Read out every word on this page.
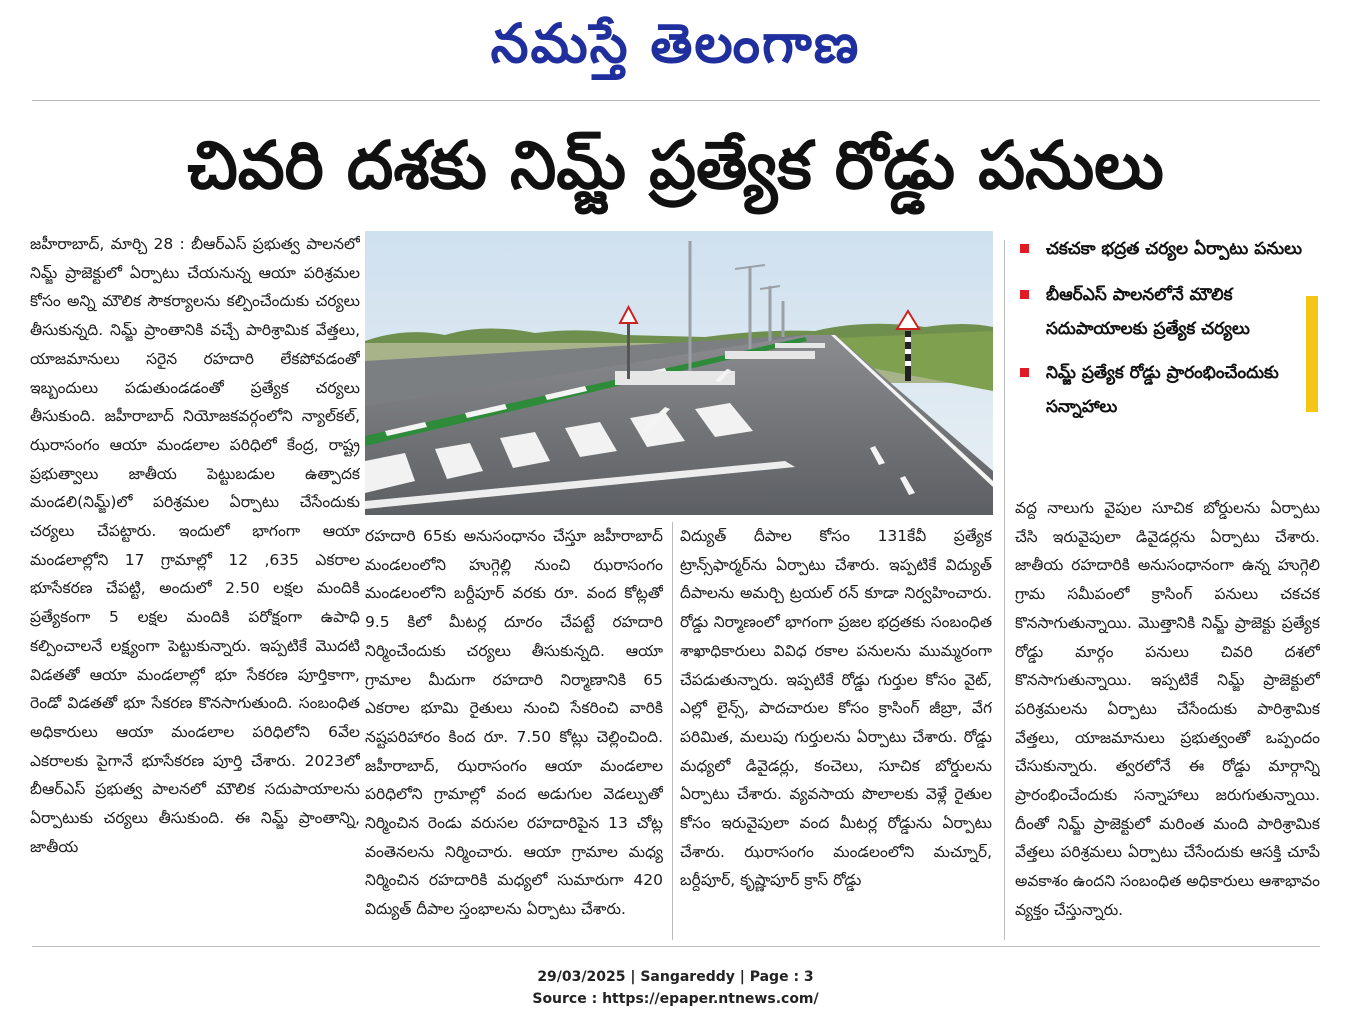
నమస్తే తెలంగాణ
చివరి దశకు నిమ్జ్ ప్రత్యేక రోడ్డు పనులు

జహీరాబాద్, మార్చి 28 : బీఆర్ఎస్ ప్రభుత్వ పాలనలో నిమ్జ్ ప్రాజెక్టులో ఏర్పాటు చేయనున్న ఆయా పరిశ్రమల కోసం అన్ని మౌలిక సౌకర్యాలను కల్పించేందుకు చర్యలు తీసుకున్నది. నిమ్జ్ ప్రాంతానికి వచ్చే పారిశ్రామిక వేత్తలు, యాజమానులు సరైన రహదారి లేకపోవడంతో ఇబ్బందులు పడుతుండడంతో ప్రత్యేక చర్యలు తీసుకుంది. జహీరాబాద్ నియోజకవర్గంలోని న్యాల్‌కల్, ఝరాసంగం ఆయా మండలాల పరిధిలో కేంద్ర, రాష్ట్ర ప్రభుత్వాలు జాతీయ పెట్టుబడుల ఉత్పాదక మండలి(నిమ్జ్)లో పరిశ్రమల ఏర్పాటు చేసేందుకు చర్యలు చేపట్టారు. ఇందులో భాగంగా ఆయా మండలాల్లోని 17 గ్రామాల్లో 12 ,635 ఎకరాల భూసేకరణ చేపట్టి, అందులో 2.50 లక్షల మందికి ప్రత్యేకంగా 5 లక్షల మందికి పరోక్షంగా ఉపాధి కల్పించాలనే లక్ష్యంగా పెట్టుకున్నారు. ఇప్పటికే మొదటి విడతతో ఆయా మండలాల్లో భూ సేకరణ పూర్తికాగా, రెండో విడతతో భూ సేకరణ కొనసాగుతుంది. సంబంధిత అధికారులు ఆయా మండలాల పరిధిలోని 6వేల ఎకరాలకు పైగానే భూసేకరణ పూర్తి చేశారు. 2023లో బీఆర్ఎస్ ప్రభుత్వ పాలనలో మౌలిక సదుపాయాలను ఏర్పాటుకు చర్యలు తీసుకుంది. ఈ నిమ్జ్ ప్రాంతాన్ని, జాతీయ

చకచకా భద్రత చర్యల ఏర్పాటు పనులు
బీఆర్ఎస్ పాలనలోనే మౌలిక సదుపాయాలకు ప్రత్యేక చర్యలు
నిమ్జ్ ప్రత్యేక రోడ్డు ప్రారంభించేందుకు సన్నాహాలు

రహదారి 65కు అనుసంధానం చేస్తూ జహీరాబాద్ మండలంలోని హుగ్గెల్లి నుంచి ఝరాసంగం మండలంలోని బర్దీపూర్ వరకు రూ. వంద కోట్లతో 9.5 కిలో మీటర్ల దూరం చేపట్టే రహదారి నిర్మించేందుకు చర్యలు తీసుకున్నది. ఆయా గ్రామాల మీదుగా రహదారి నిర్మాణానికి 65 ఎకరాల భూమి రైతులు నుంచి సేకరించి వారికి నష్టపరిహారం కింద రూ. 7.50 కోట్లు చెల్లించింది. జహీరాబాద్, ఝరాసంగం ఆయా మండలాల పరిధిలోని గ్రామాల్లో వంద అడుగుల వెడల్పుతో నిర్మించిన రెండు వరుసల రహదారిపైన 13 చోట్ల వంతెనలను నిర్మించారు. ఆయా గ్రామాల మధ్య నిర్మించిన రహదారికి మధ్యలో సుమారుగా 420 విద్యుత్ దీపాల స్తంభాలను ఏర్పాటు చేశారు.

విద్యుత్ దీపాల కోసం 131కేవీ ప్రత్యేక ట్రాన్స్‌ఫార్మర్‌ను ఏర్పాటు చేశారు. ఇప్పటికే విద్యుత్ దీపాలను అమర్చి ట్రయల్ రన్ కూడా నిర్వహించారు. రోడ్డు నిర్మాణంలో భాగంగా ప్రజల భద్రతకు సంబంధిత శాఖాధికారులు వివిధ రకాల పనులను ముమ్మరంగా చేపడుతున్నారు. ఇప్పటికే రోడ్డు గుర్తుల కోసం వైట్, ఎల్లో లైన్స్, పాదచారుల కోసం క్రాసింగ్ జీబ్రా, వేగ పరిమిత, మలుపు గుర్తులను ఏర్పాటు చేశారు. రోడ్డు మధ్యలో డివైడర్లు, కంచెలు, సూచిక బోర్డులను ఏర్పాటు చేశారు. వ్యవసాయ పొలాలకు వెళ్లే రైతుల కోసం ఇరువైపులా వంద మీటర్ల రోడ్డును ఏర్పాటు చేశారు. ఝరాసంగం మండలంలోని మచ్నూర్, బర్దీపూర్, కృష్ణాపూర్ క్రాస్ రోడ్డు

వద్ద నాలుగు వైపుల సూచిక బోర్డులను ఏర్పాటు చేసి ఇరువైపులా డివైడర్లను ఏర్పాటు చేశారు. జాతీయ రహదారికి అనుసంధానంగా ఉన్న హుగ్గెలి గ్రామ సమీపంలో క్రాసింగ్ పనులు చకచక కొనసాగుతున్నాయి. మొత్తానికి నిమ్జ్ ప్రాజెక్టు ప్రత్యేక రోడ్డు మార్గం పనులు చివరి దశలో కొనసాగుతున్నాయి. ఇప్పటికే నిమ్జ్ ప్రాజెక్టులో పరిశ్రమలను ఏర్పాటు చేసేందుకు పారిశ్రామిక వేత్తలు, యాజమానులు ప్రభుత్వంతో ఒప్పందం చేసుకున్నారు. త్వరలోనే ఈ రోడ్డు మార్గాన్ని ప్రారంభించేందుకు సన్నాహాలు జరుగుతున్నాయి. దీంతో నిమ్జ్ ప్రాజెక్టులో మరింత మంది పారిశ్రామిక వేత్తలు పరిశ్రమలు ఏర్పాటు చేసేందుకు ఆసక్తి చూపే అవకాశం ఉందని సంబంధిత అధికారులు ఆశాభావం వ్యక్తం చేస్తున్నారు.

29/03/2025 | Sangareddy | Page : 3
Source : https://epaper.ntnews.com/
